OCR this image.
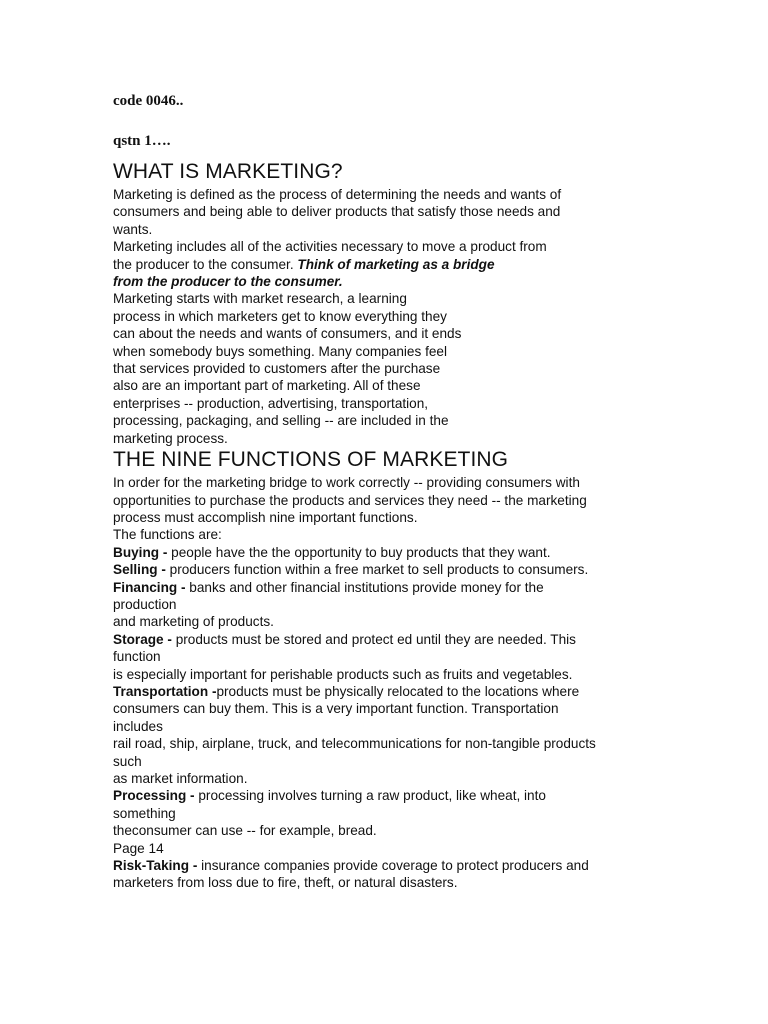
code 0046..

qstn 1….

WHAT IS MARKETING?
Marketing is defined as the process of determining the needs and wants of
consumers and being able to deliver products that satisfy those needs and
wants.
Marketing includes all of the activities necessary to move a product from
the producer to the consumer. Think of marketing as a bridge
from the producer to the consumer.
Marketing starts with market research, a learning
process in which marketers get to know everything they
can about the needs and wants of consumers, and it ends
when somebody buys something. Many companies feel
that services provided to customers after the purchase
also are an important part of marketing. All of these
enterprises -- production, advertising, transportation,
processing, packaging, and selling -- are included in the
marketing process.
THE NINE FUNCTIONS OF MARKETING
In order for the marketing bridge to work correctly -- providing consumers with
opportunities to purchase the products and services they need -- the marketing
process must accomplish nine important functions.
The functions are:
Buying - people have the the opportunity to buy products that they want.
Selling - producers function within a free market to sell products to consumers.
Financing - banks and other financial institutions provide money for the
production
and marketing of products.
Storage - products must be stored and protect ed until they are needed. This
function
is especially important for perishable products such as fruits and vegetables.
Transportation -products must be physically relocated to the locations where
consumers can buy them. This is a very important function. Transportation
includes
rail road, ship, airplane, truck, and telecommunications for non-tangible products
such
as market information.
Processing - processing involves turning a raw product, like wheat, into
something
theconsumer can use -- for example, bread.
Page 14
Risk-Taking - insurance companies provide coverage to protect producers and
marketers from loss due to fire, theft, or natural disasters.
